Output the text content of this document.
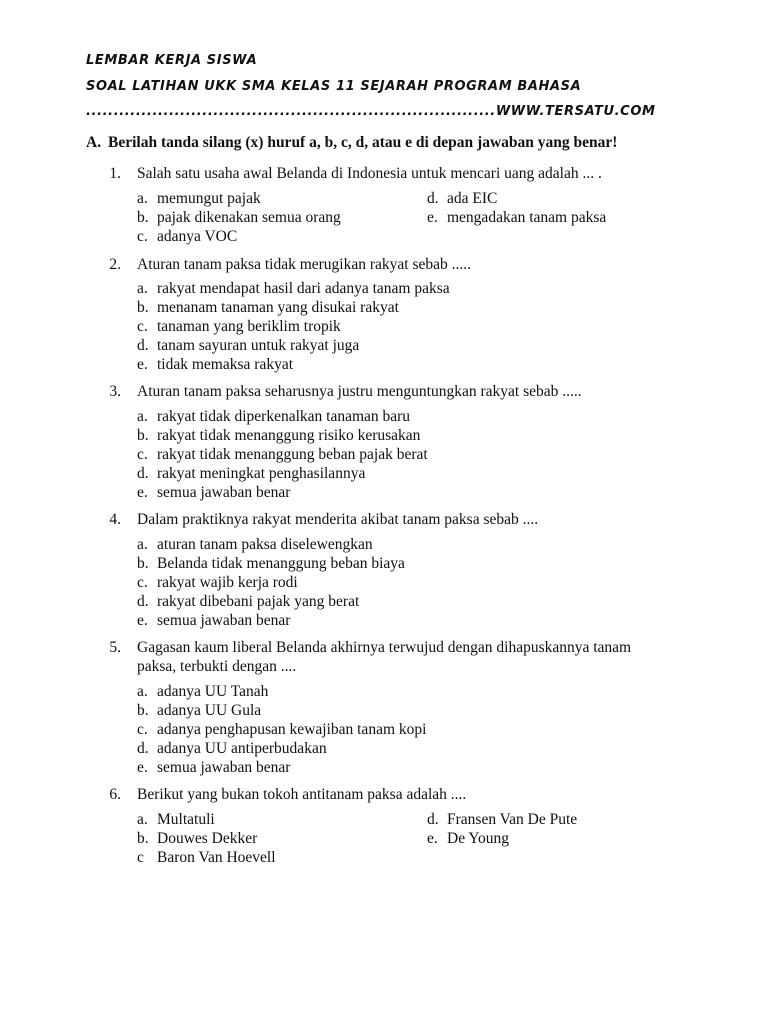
LEMBAR KERJA SISWA
SOAL LATIHAN UKK SMA KELAS 11 SEJARAH PROGRAM BAHASA
..........................................................................WWW.TERSATU.COM
A. Berilah tanda silang (x) huruf a, b, c, d, atau e di depan jawaban yang benar!
1. Salah satu usaha awal Belanda di Indonesia untuk mencari uang adalah ... .
a. memungut pajak
b. pajak dikenakan semua orang
c. adanya VOC
d. ada EIC
e. mengadakan tanam paksa
2. Aturan tanam paksa tidak merugikan rakyat sebab .....
a. rakyat mendapat hasil dari adanya tanam paksa
b. menanam tanaman yang disukai rakyat
c. tanaman yang beriklim tropik
d. tanam sayuran untuk rakyat juga
e. tidak memaksa rakyat
3. Aturan tanam paksa seharusnya justru menguntungkan rakyat sebab .....
a. rakyat tidak diperkenalkan tanaman baru
b. rakyat tidak menanggung risiko kerusakan
c. rakyat tidak menanggung beban pajak berat
d. rakyat meningkat penghasilannya
e. semua jawaban benar
4. Dalam praktiknya rakyat menderita akibat tanam paksa sebab ....
a. aturan tanam paksa diselewengkan
b. Belanda tidak menanggung beban biaya
c. rakyat wajib kerja rodi
d. rakyat dibebani pajak yang berat
e. semua jawaban benar
5. Gagasan kaum liberal Belanda akhirnya terwujud dengan dihapuskannya tanam
paksa, terbukti dengan ....
a. adanya UU Tanah
b. adanya UU Gula
c. adanya penghapusan kewajiban tanam kopi
d. adanya UU antiperbudakan
e. semua jawaban benar
6. Berikut yang bukan tokoh antitanam paksa adalah ....
a. Multatuli
b. Douwes Dekker
c Baron Van Hoevell
d. Fransen Van De Pute
e. De Young
